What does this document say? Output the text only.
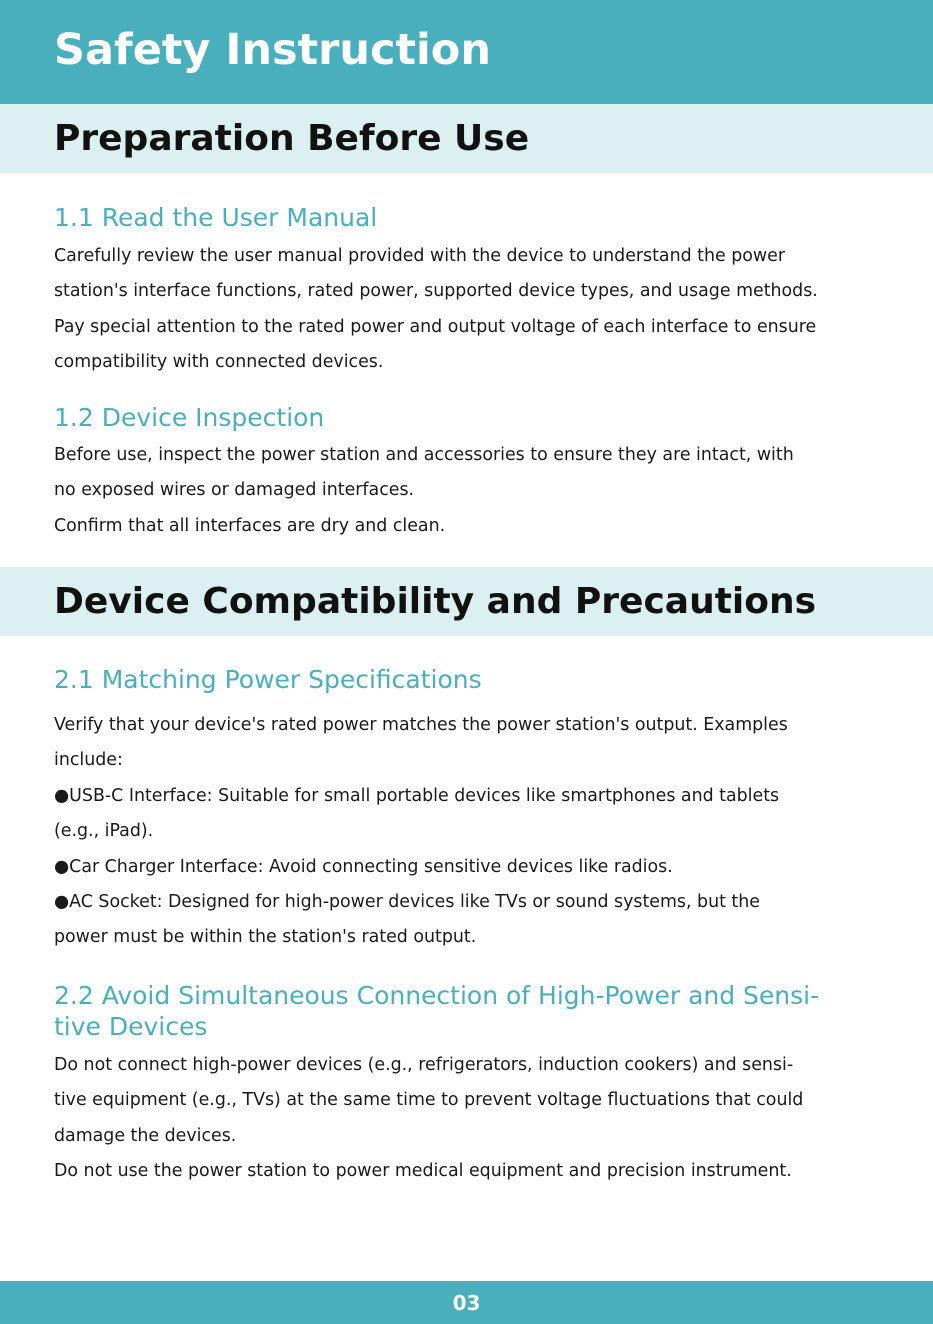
Safety Instruction
Preparation Before Use
1.1 Read the User Manual

Carefully review the user manual provided with the device to understand the power
station's interface functions, rated power, supported device types, and usage methods.
Pay special attention to the rated power and output voltage of each interface to ensure
compatibility with connected devices.

1.2 Device Inspection

Before use, inspect the power station and accessories to ensure they are intact, with
no exposed wires or damaged interfaces.
Confirm that all interfaces are dry and clean.

Device Compatibility and Precautions
2.1 Matching Power Specifications

Verify that your device's rated power matches the power station's output. Examples
include:
●USB-C Interface: Suitable for small portable devices like smartphones and tablets
(e.g., iPad).
●Car Charger Interface: Avoid connecting sensitive devices like radios.
●AC Socket: Designed for high-power devices like TVs or sound systems, but the
power must be within the station's rated output.

2.2 Avoid Simultaneous Connection of High-Power and Sensi-
tive Devices

Do not connect high-power devices (e.g., refrigerators, induction cookers) and sensi-
tive equipment (e.g., TVs) at the same time to prevent voltage fluctuations that could
damage the devices.
Do not use the power station to power medical equipment and precision instrument.

03
